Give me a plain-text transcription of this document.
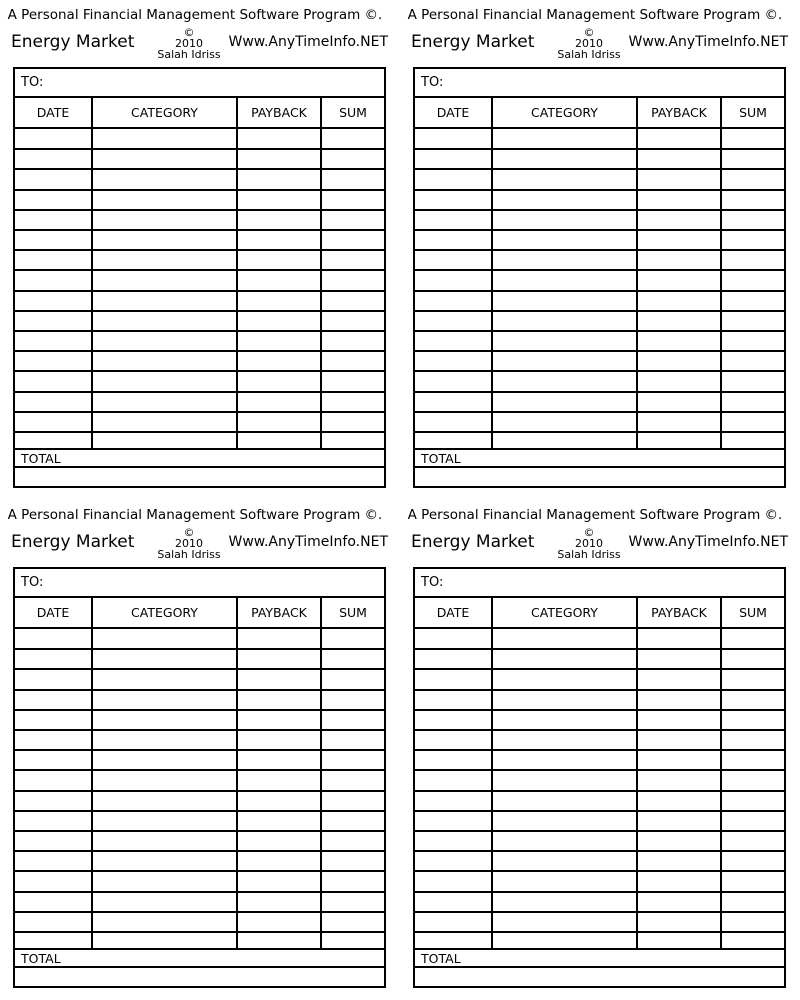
A Personal Financial Management Software Program ©.
Energy Market	©
2010
Salah Idriss
Www.AnyTimeInfo.NET
TO:
DATE	CATEGORY	PAYBACK	SUM
TOTAL
A Personal Financial Management Software Program ©.
Energy Market	©
2010
Salah Idriss
Www.AnyTimeInfo.NET
TO:
DATE	CATEGORY	PAYBACK	SUM
TOTAL
A Personal Financial Management Software Program ©.
Energy Market	©
2010
Salah Idriss
Www.AnyTimeInfo.NET
TO:
DATE	CATEGORY	PAYBACK	SUM
TOTAL
A Personal Financial Management Software Program ©.
Energy Market	©
2010
Salah Idriss
Www.AnyTimeInfo.NET
TO:
DATE	CATEGORY	PAYBACK	SUM
TOTAL
